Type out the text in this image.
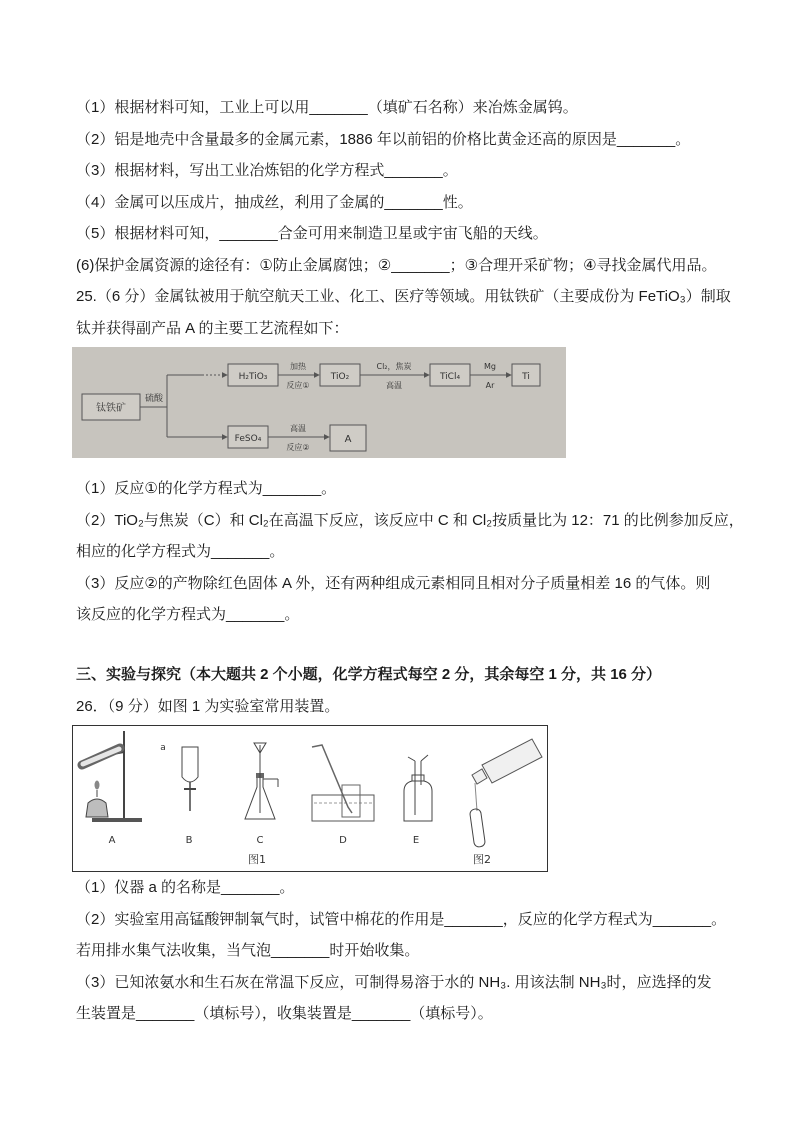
（1）根据材料可知，工业上可以用_______（填矿石名称）来冶炼金属钨。
（2）铝是地壳中含量最多的金属元素，1886 年以前铝的价格比黄金还高的原因是_______。
（3）根据材料，写出工业冶炼铝的化学方程式_______。
（4）金属可以压成片，抽成丝，利用了金属的_______性。
（5）根据材料可知，_______合金可用来制造卫星或宇宙飞船的天线。
(6)保护金属资源的途径有：①防止金属腐蚀；②_______；③合理开采矿物；④寻找金属代用品。
25.（6 分）金属钛被用于航空航天工业、化工、医疗等领域。用钛铁矿（主要成份为 FeTiO₃）制取
钛并获得副产品 A 的主要工艺流程如下：
钛铁矿
硫酸
H₂TiO₃
加热
反应①
TiO₂
Cl₂，焦炭
高温
TiCl₄
Mg
Ar
Ti
FeSO₄
高温
反应②
A
（1）反应①的化学方程式为_______。
（2）TiO₂与焦炭（C）和 Cl₂在高温下反应，该反应中 C 和 Cl₂按质量比为 12：71 的比例参加反应，
相应的化学方程式为_______。
（3）反应②的产物除红色固体 A 外，还有两种组成元素相同且相对分子质量相差 16 的气体。则
该反应的化学方程式为_______。
三、实验与探究（本大题共 2 个小题，化学方程式每空 2 分，其余每空 1 分，共 16 分）
26．（9 分）如图 1 为实验室常用装置。
A
a
B	C	D	E
图1	图2
（1）仪器 a 的名称是_______。
（2）实验室用高锰酸钾制氧气时，试管中棉花的作用是_______，反应的化学方程式为_______。
若用排水集气法收集，当气泡_______时开始收集。
（3）已知浓氨水和生石灰在常温下反应，可制得易溶于水的 NH₃. 用该法制 NH₃时，应选择的发
生装置是_______（填标号），收集装置是_______（填标号）。
